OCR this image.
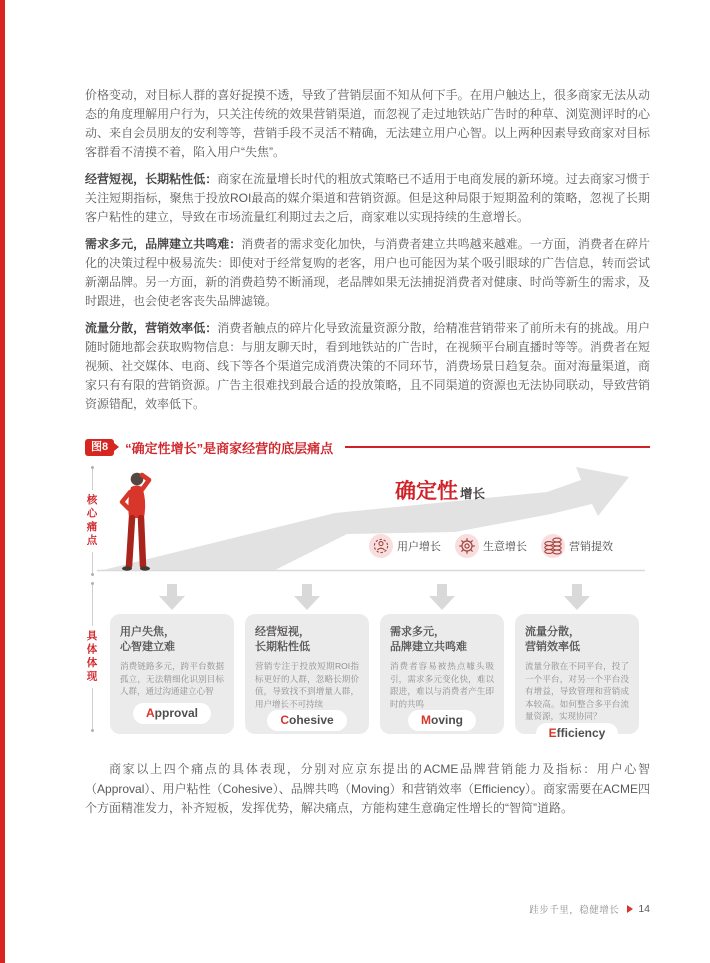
价格变动，对目标人群的喜好捉摸不透，导致了营销层面不知从何下手。在用户触达上，很多商家无法从动态的角度理解用户行为，只关注传统的效果营销渠道，而忽视了走过地铁站广告时的种草、浏览测评时的心动、来自会员朋友的安利等等，营销手段不灵活不精确，无法建立用户心智。以上两种因素导致商家对目标客群看不清摸不着，陷入用户“失焦”。

经营短视，长期粘性低：商家在流量增长时代的粗放式策略已不适用于电商发展的新环境。过去商家习惯于关注短期指标，聚焦于投放ROI最高的媒介渠道和营销资源。但是这种局限于短期盈利的策略，忽视了长期客户粘性的建立，导致在市场流量红利期过去之后，商家难以实现持续的生意增长。

需求多元，品牌建立共鸣难：消费者的需求变化加快，与消费者建立共鸣越来越难。一方面，消费者在碎片化的决策过程中极易流失：即使对于经常复购的老客，用户也可能因为某个吸引眼球的广告信息，转而尝试新潮品牌。另一方面，新的消费趋势不断涌现，老品牌如果无法捕捉消费者对健康、时尚等新生的需求，及时跟进，也会使老客丧失品牌滤镜。

流量分散，营销效率低：消费者触点的碎片化导致流量资源分散，给精准营销带来了前所未有的挑战。用户随时随地都会获取购物信息：与朋友聊天时，看到地铁站的广告时，在视频平台刷直播时等等。消费者在短视频、社交媒体、电商、线下等各个渠道完成消费决策的不同环节，消费场景日趋复杂。面对海量渠道，商家只有有限的营销资源。广告主很难找到最合适的投放策略，且不同渠道的资源也无法协同联动，导致营销资源错配，效率低下。

图8	“确定性增长”是商家经营的底层痛点
核心痛点
具体体现
确定性 增长
用户增长	生意增长	营销提效
用户失焦，
心智建立难
消费链路多元，跨平台数据孤立，无法精细化识别目标人群，通过沟通建立心智
Approval
经营短视，
长期粘性低
营销专注于投放短期ROI指标更好的人群，忽略长期价值，导致找不到增量人群，用户增长不可持续
Cohesive
需求多元，
品牌建立共鸣难
消费者容易被热点噱头吸引，需求多元变化快，难以跟进，难以与消费者产生即时的共鸣
Moving
流量分散，
营销效率低
流量分散在不同平台，投了一个平台，对另一个平台没有增益，导致管理和营销成本较高。如何整合多平台流量资源，实现协同？
Efficiency

商家以上四个痛点的具体表现，分别对应京东提出的ACME品牌营销能力及指标：用户心智（Approval）、用户粘性（Cohesive）、品牌共鸣（Moving）和营销效率（Efficiency）。商家需要在ACME四个方面精准发力，补齐短板，发挥优势，解决痛点，方能构建生意确定性增长的“智简”道路。

跬步千里，稳健增长 14
